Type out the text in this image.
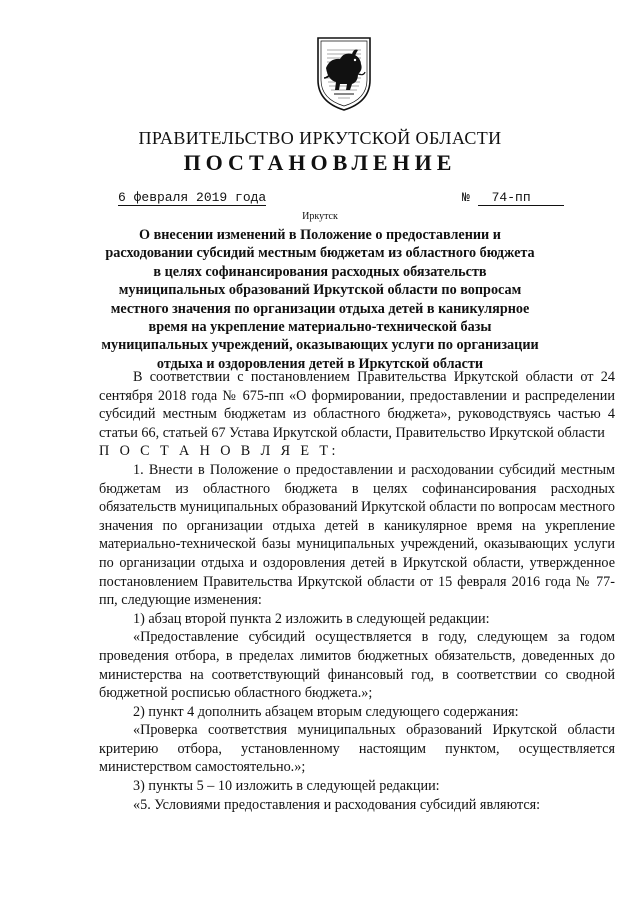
ПРАВИТЕЛЬСТВО ИРКУТСКОЙ ОБЛАСТИ
ПОСТАНОВЛЕНИЕ
6 февраля 2019 года	№ 74-пп
Иркутск
О внесении изменений в Положение о предоставлении и расходовании субсидий местным бюджетам из областного бюджета в целях софинансирования расходных обязательств муниципальных образований Иркутской области по вопросам местного значения по организации отдыха детей в каникулярное время на укрепление материально-технической базы муниципальных учреждений, оказывающих услуги по организации отдыха и оздоровления детей в Иркутской области

В соответствии с постановлением Правительства Иркутской области от 24 сентября 2018 года № 675-пп «О формировании, предоставлении и распределении субсидий местным бюджетам из областного бюджета», руководствуясь частью 4 статьи 66, статьей 67 Устава Иркутской области, Правительство Иркутской области

П О С Т А Н О В Л Я Е Т:

1. Внести в Положение о предоставлении и расходовании субсидий местным бюджетам из областного бюджета в целях софинансирования расходных обязательств муниципальных образований Иркутской области по вопросам местного значения по организации отдыха детей в каникулярное время на укрепление материально-технической базы муниципальных учреждений, оказывающих услуги по организации отдыха и оздоровления детей в Иркутской области, утвержденное постановлением Правительства Иркутской области от 15 февраля 2016 года № 77-пп, следующие изменения:

1) абзац второй пункта 2 изложить в следующей редакции:

«Предоставление субсидий осуществляется в году, следующем за годом проведения отбора, в пределах лимитов бюджетных обязательств, доведенных до министерства на соответствующий финансовый год, в соответствии со сводной бюджетной росписью областного бюджета.»;

2) пункт 4 дополнить абзацем вторым следующего содержания:

«Проверка соответствия муниципальных образований Иркутской области критерию отбора, установленному настоящим пунктом, осуществляется министерством самостоятельно.»;

3) пункты 5 – 10 изложить в следующей редакции:

«5. Условиями предоставления и расходования субсидий являются:
